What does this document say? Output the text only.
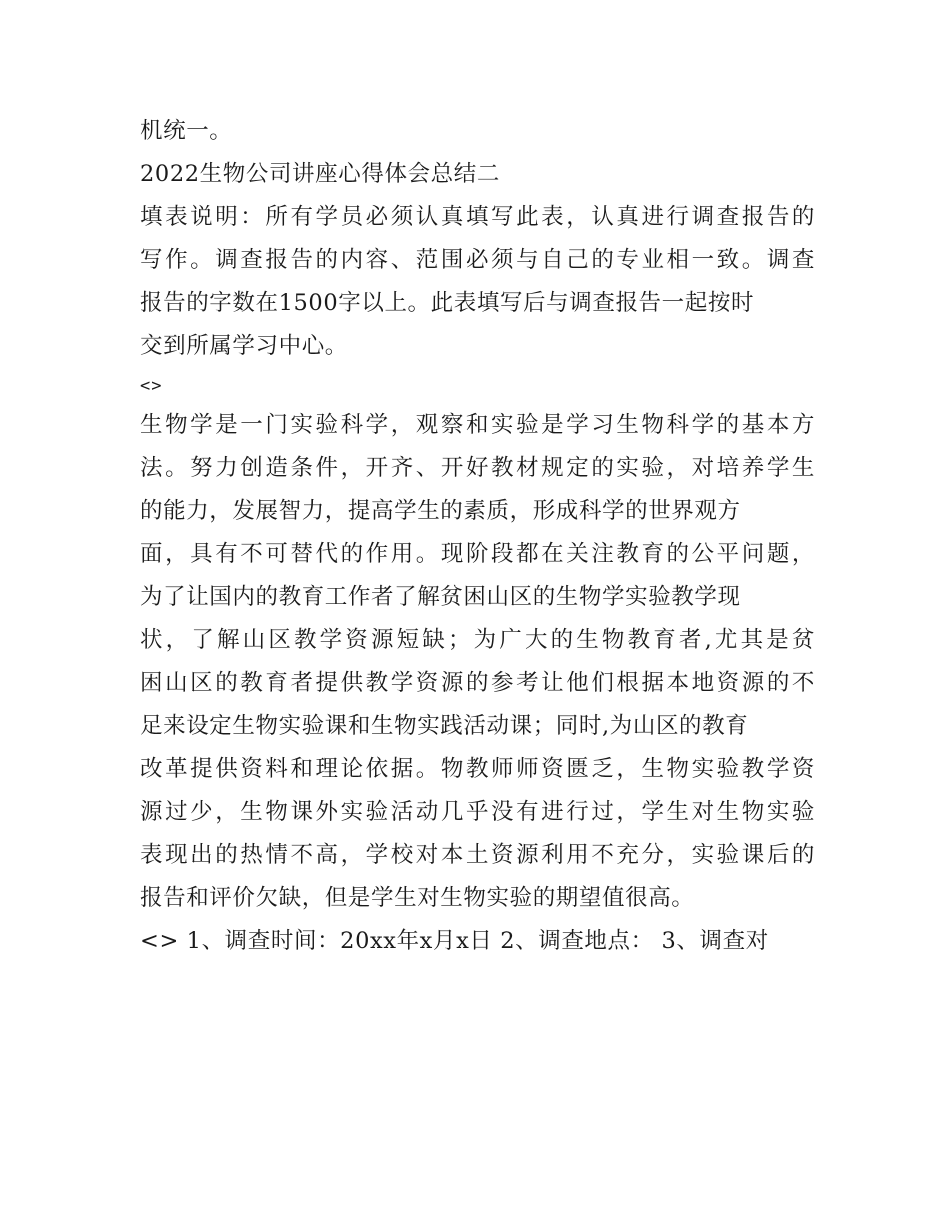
机统一。
2022生物公司讲座心得体会总结二
填表说明：所有学员必须认真填写此表，认真进行调查报告的
写作。调查报告的内容、范围必须与自己的专业相一致。调查
报告的字数在1500字以上。此表填写后与调查报告一起按时
交到所属学习中心。
<>
生物学是一门实验科学，观察和实验是学习生物科学的基本方
法。努力创造条件，开齐、开好教材规定的实验，对培养学生
的能力，发展智力，提高学生的素质，形成科学的世界观方
面，具有不可替代的作用。现阶段都在关注教育的公平问题，
为了让国内的教育工作者了解贫困山区的生物学实验教学现
状，了解山区教学资源短缺；为广大的生物教育者,尤其是贫
困山区的教育者提供教学资源的参考让他们根据本地资源的不
足来设定生物实验课和生物实践活动课；同时,为山区的教育
改革提供资料和理论依据。物教师师资匮乏，生物实验教学资
源过少，生物课外实验活动几乎没有进行过，学生对生物实验
表现出的热情不高，学校对本土资源利用不充分，实验课后的
报告和评价欠缺，但是学生对生物实验的期望值很高。
<> 1、调查时间：20xx年x月x日 2、调查地点： 3、调查对
